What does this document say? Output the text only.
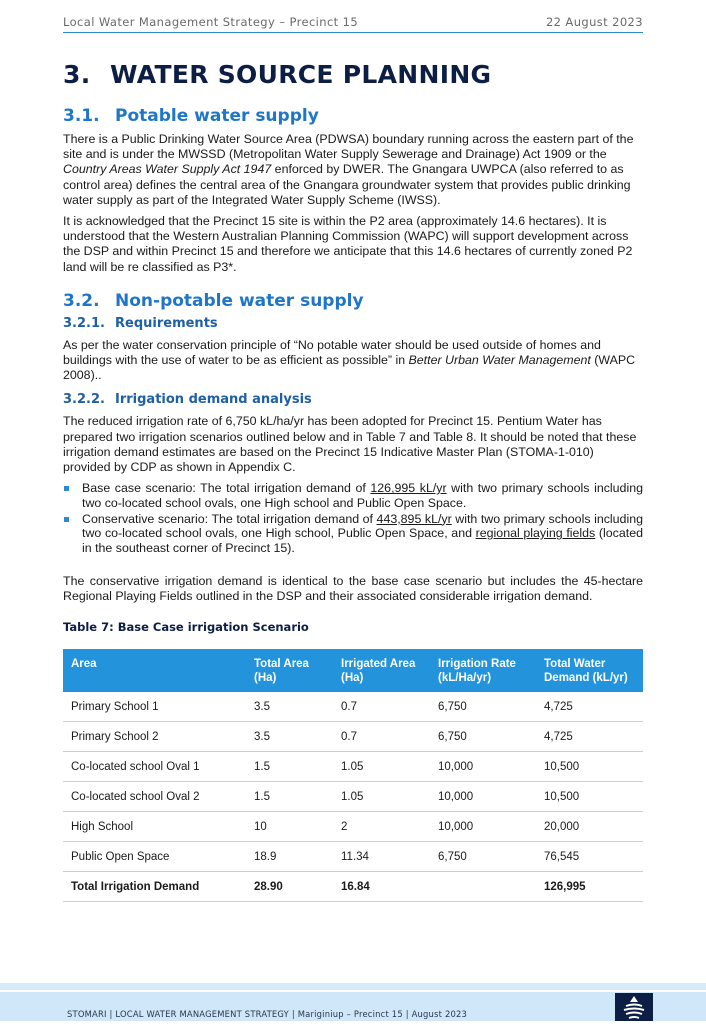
Local Water Management Strategy – Precinct 15	22 August 2023
3. WATER SOURCE PLANNING
3.1. Potable water supply

There is a Public Drinking Water Source Area (PDWSA) boundary running across the eastern part of the site and is under the MWSSD (Metropolitan Water Supply Sewerage and Drainage) Act 1909 or the Country Areas Water Supply Act 1947 enforced by DWER. The Gnangara UWPCA (also referred to as control area) defines the central area of the Gnangara groundwater system that provides public drinking water supply as part of the Integrated Water Supply Scheme (IWSS).

It is acknowledged that the Precinct 15 site is within the P2 area (approximately 14.6 hectares). It is understood that the Western Australian Planning Commission (WAPC) will support development across the DSP and within Precinct 15 and therefore we anticipate that this 14.6 hectares of currently zoned P2 land will be re classified as P3*.

3.2. Non-potable water supply
3.2.1. Requirements

As per the water conservation principle of “No potable water should be used outside of homes and buildings with the use of water to be as efficient as possible” in Better Urban Water Management (WAPC 2008)..

3.2.2. Irrigation demand analysis

The reduced irrigation rate of 6,750 kL/ha/yr has been adopted for Precinct 15. Pentium Water has prepared two irrigation scenarios outlined below and in Table 7 and Table 8. It should be noted that these irrigation demand estimates are based on the Precinct 15 Indicative Master Plan (STOMA-1-010) provided by CDP as shown in Appendix C.

Base case scenario: The total irrigation demand of 126,995 kL/yr with two primary schools including two co-located school ovals, one High school and Public Open Space.
Conservative scenario: The total irrigation demand of 443,895 kL/yr with two primary schools including two co-located school ovals, one High school, Public Open Space, and regional playing fields (located in the southeast corner of Precinct 15).

The conservative irrigation demand is identical to the base case scenario but includes the 45-hectare Regional Playing Fields outlined in the DSP and their associated considerable irrigation demand.

Table 7: Base Case irrigation Scenario
Area	Total Area (Ha)	Irrigated Area (Ha)	Irrigation Rate (kL/Ha/yr)	Total Water Demand (kL/yr)
Primary School 1	3.5	0.7	6,750	4,725
Primary School 2	3.5	0.7	6,750	4,725
Co-located school Oval 1	1.5	1.05	10,000	10,500
Co-located school Oval 2	1.5	1.05	10,000	10,500
High School	10	2	10,000	20,000
Public Open Space	18.9	11.34	6,750	76,545
Total Irrigation Demand	28.90	16.84		126,995
STOMARI | LOCAL WATER MANAGEMENT STRATEGY | Mariginiup – Precinct 15 | August 2023
